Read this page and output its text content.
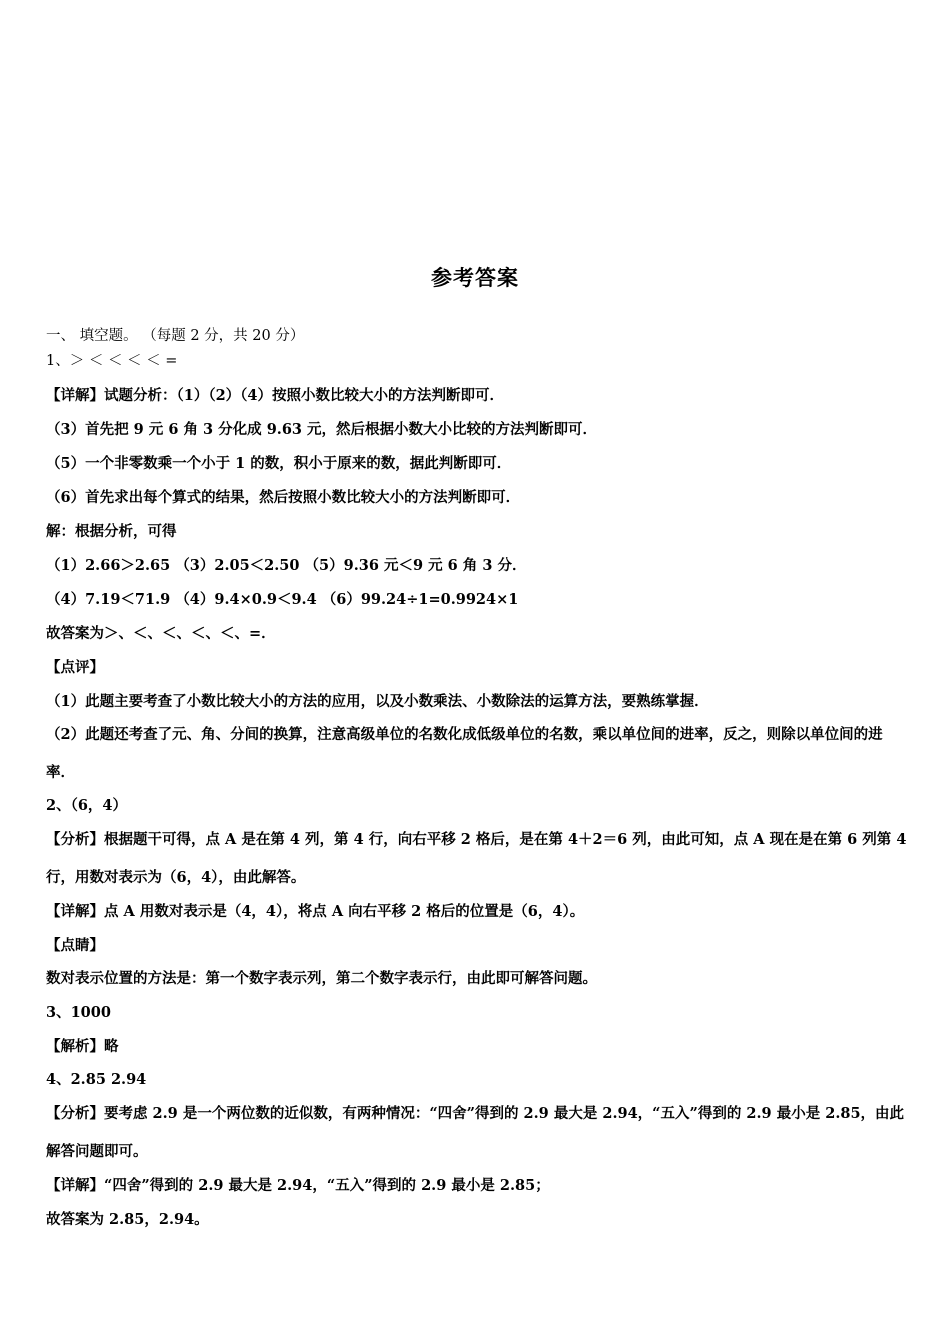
参考答案
一、 填空题。 （每题 2 分，共 20 分）
1、＞ ＜ ＜ ＜ ＜ =
【详解】试题分析：（1）（2）（4）按照小数比较大小的方法判断即可．
（3）首先把 9 元 6 角 3 分化成 9.63 元，然后根据小数大小比较的方法判断即可．
（5）一个非零数乘一个小于 1 的数，积小于原来的数，据此判断即可．
（6）首先求出每个算式的结果，然后按照小数比较大小的方法判断即可．
解：根据分析，可得
（1）2.66＞2.65 （3）2.05＜2.50 （5）9.36 元＜9 元 6 角 3 分．
（4）7.19＜71.9 （4）9.4×0.9＜9.4 （6）99.24÷1=0.9924×1
故答案为＞、＜、＜、＜、＜、=．
【点评】
（1）此题主要考查了小数比较大小的方法的应用，以及小数乘法、小数除法的运算方法，要熟练掌握．
（2）此题还考查了元、角、分间的换算，注意高级单位的名数化成低级单位的名数，乘以单位间的进率，反之，则除以单位间的进率．
2、（6，4）
【分析】根据题干可得，点 A 是在第 4 列，第 4 行，向右平移 2 格后，是在第 4＋2＝6 列，由此可知，点 A 现在是在第 6 列第 4 行，用数对表示为（6，4），由此解答。
【详解】点 A 用数对表示是（4，4），将点 A 向右平移 2 格后的位置是（6，4）。
【点睛】
数对表示位置的方法是：第一个数字表示列，第二个数字表示行，由此即可解答问题。
3、1000
【解析】略
4、2.85 2.94
【分析】要考虑 2.9 是一个两位数的近似数，有两种情况：“四舍”得到的 2.9 最大是 2.94，“五入”得到的 2.9 最小是 2.85，由此解答问题即可。
【详解】“四舍”得到的 2.9 最大是 2.94，“五入”得到的 2.9 最小是 2.85；
故答案为 2.85，2.94。
